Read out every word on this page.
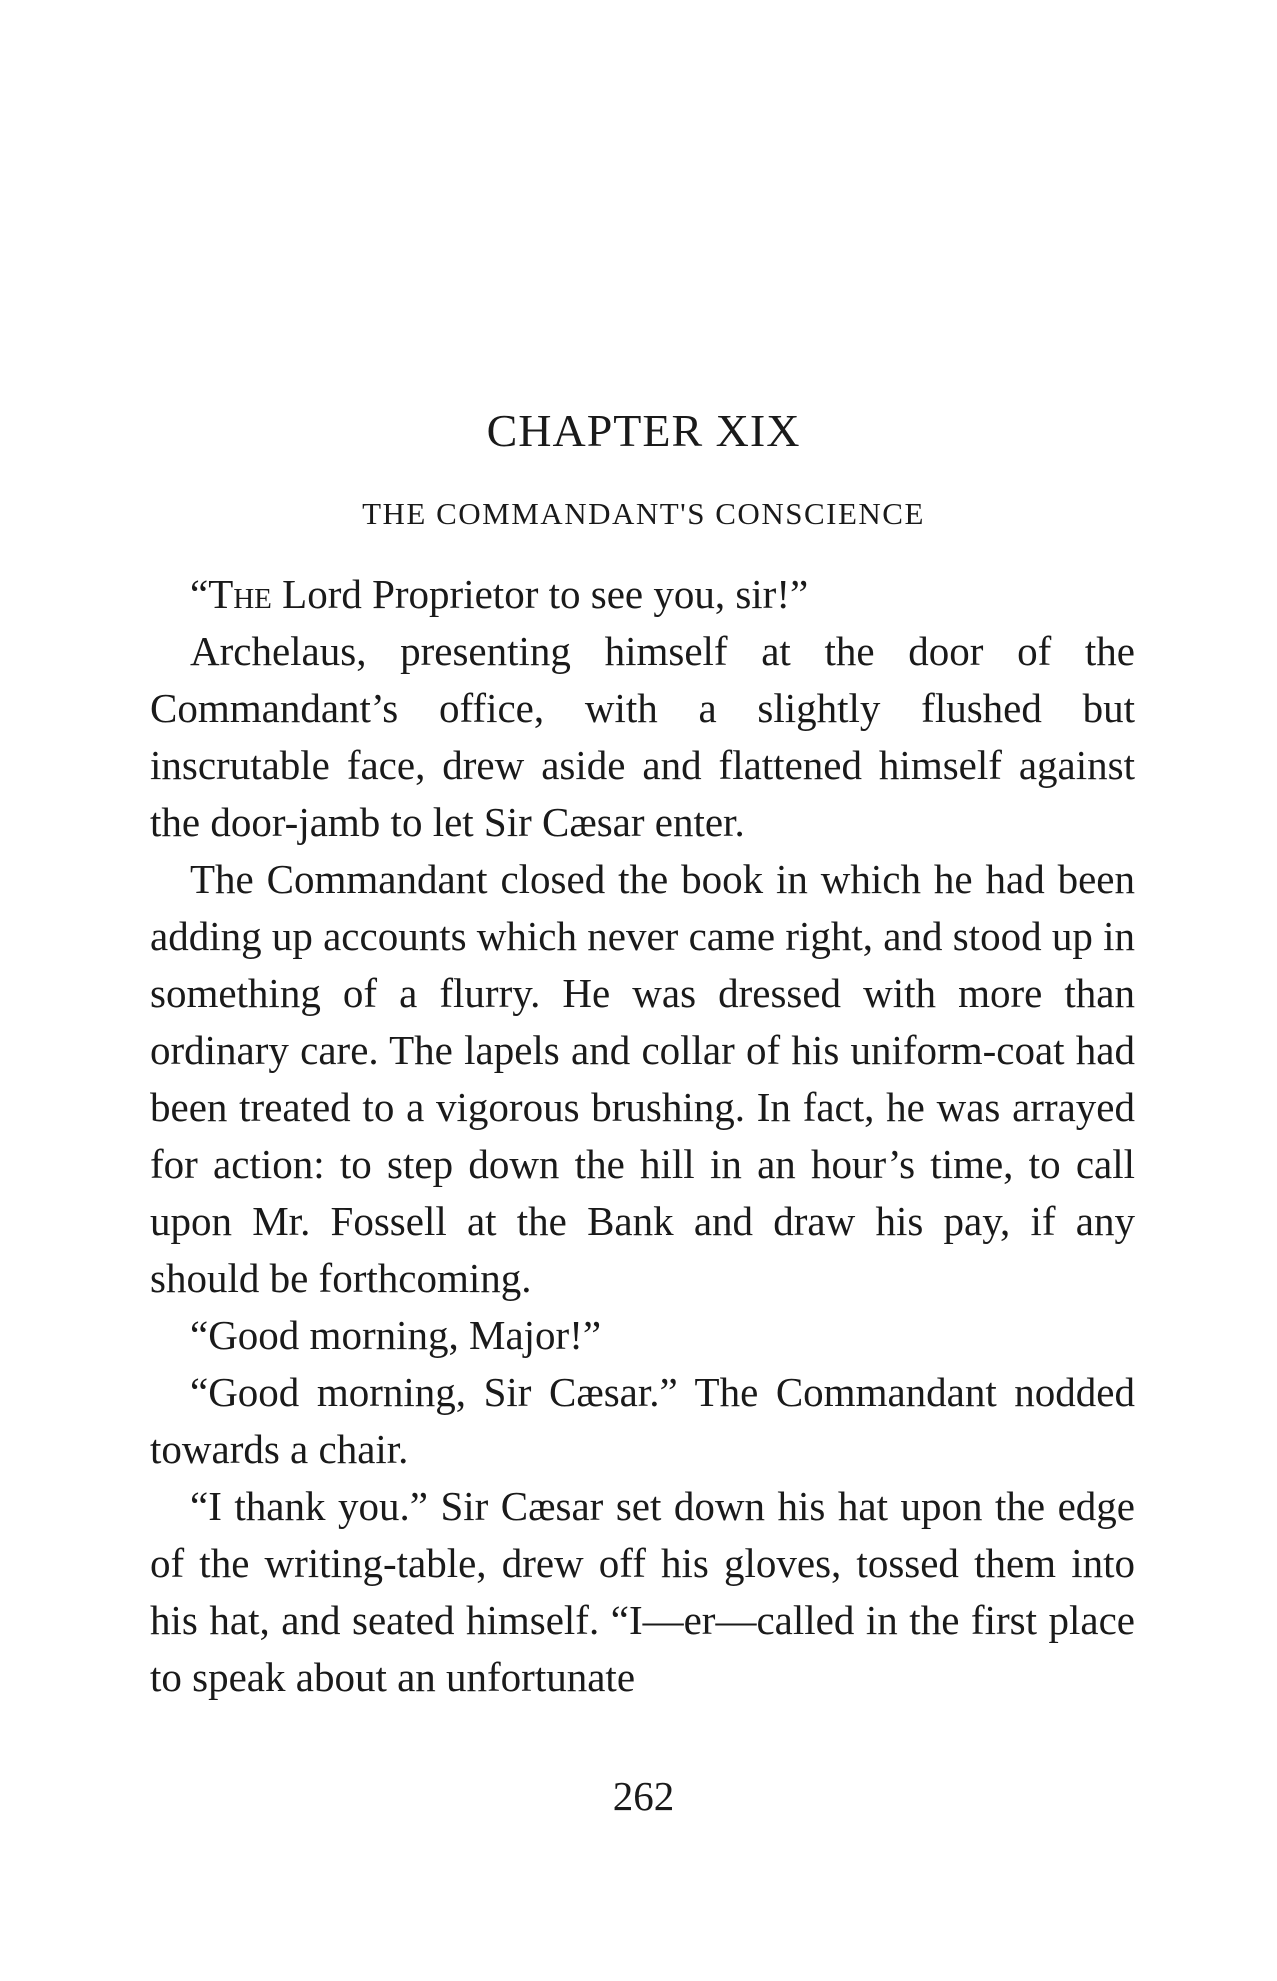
CHAPTER XIX
THE COMMANDANT'S CONSCIENCE

“The Lord Proprietor to see you, sir!”

Archelaus, presenting himself at the door of the Commandant’s office, with a slightly flushed but inscrutable face, drew aside and flattened himself against the door-jamb to let Sir Cæsar enter.

The Commandant closed the book in which he had been adding up accounts which never came right, and stood up in something of a flurry. He was dressed with more than ordinary care. The lapels and collar of his uniform-coat had been treated to a vigorous brushing. In fact, he was arrayed for action: to step down the hill in an hour’s time, to call upon Mr. Fossell at the Bank and draw his pay, if any should be forthcoming.

“Good morning, Major!”

“Good morning, Sir Cæsar.” The Commandant nodded towards a chair.

“I thank you.” Sir Cæsar set down his hat upon the edge of the writing-table, drew off his gloves, tossed them into his hat, and seated himself. “I—er—called in the first place to speak about an unfortunate

262
